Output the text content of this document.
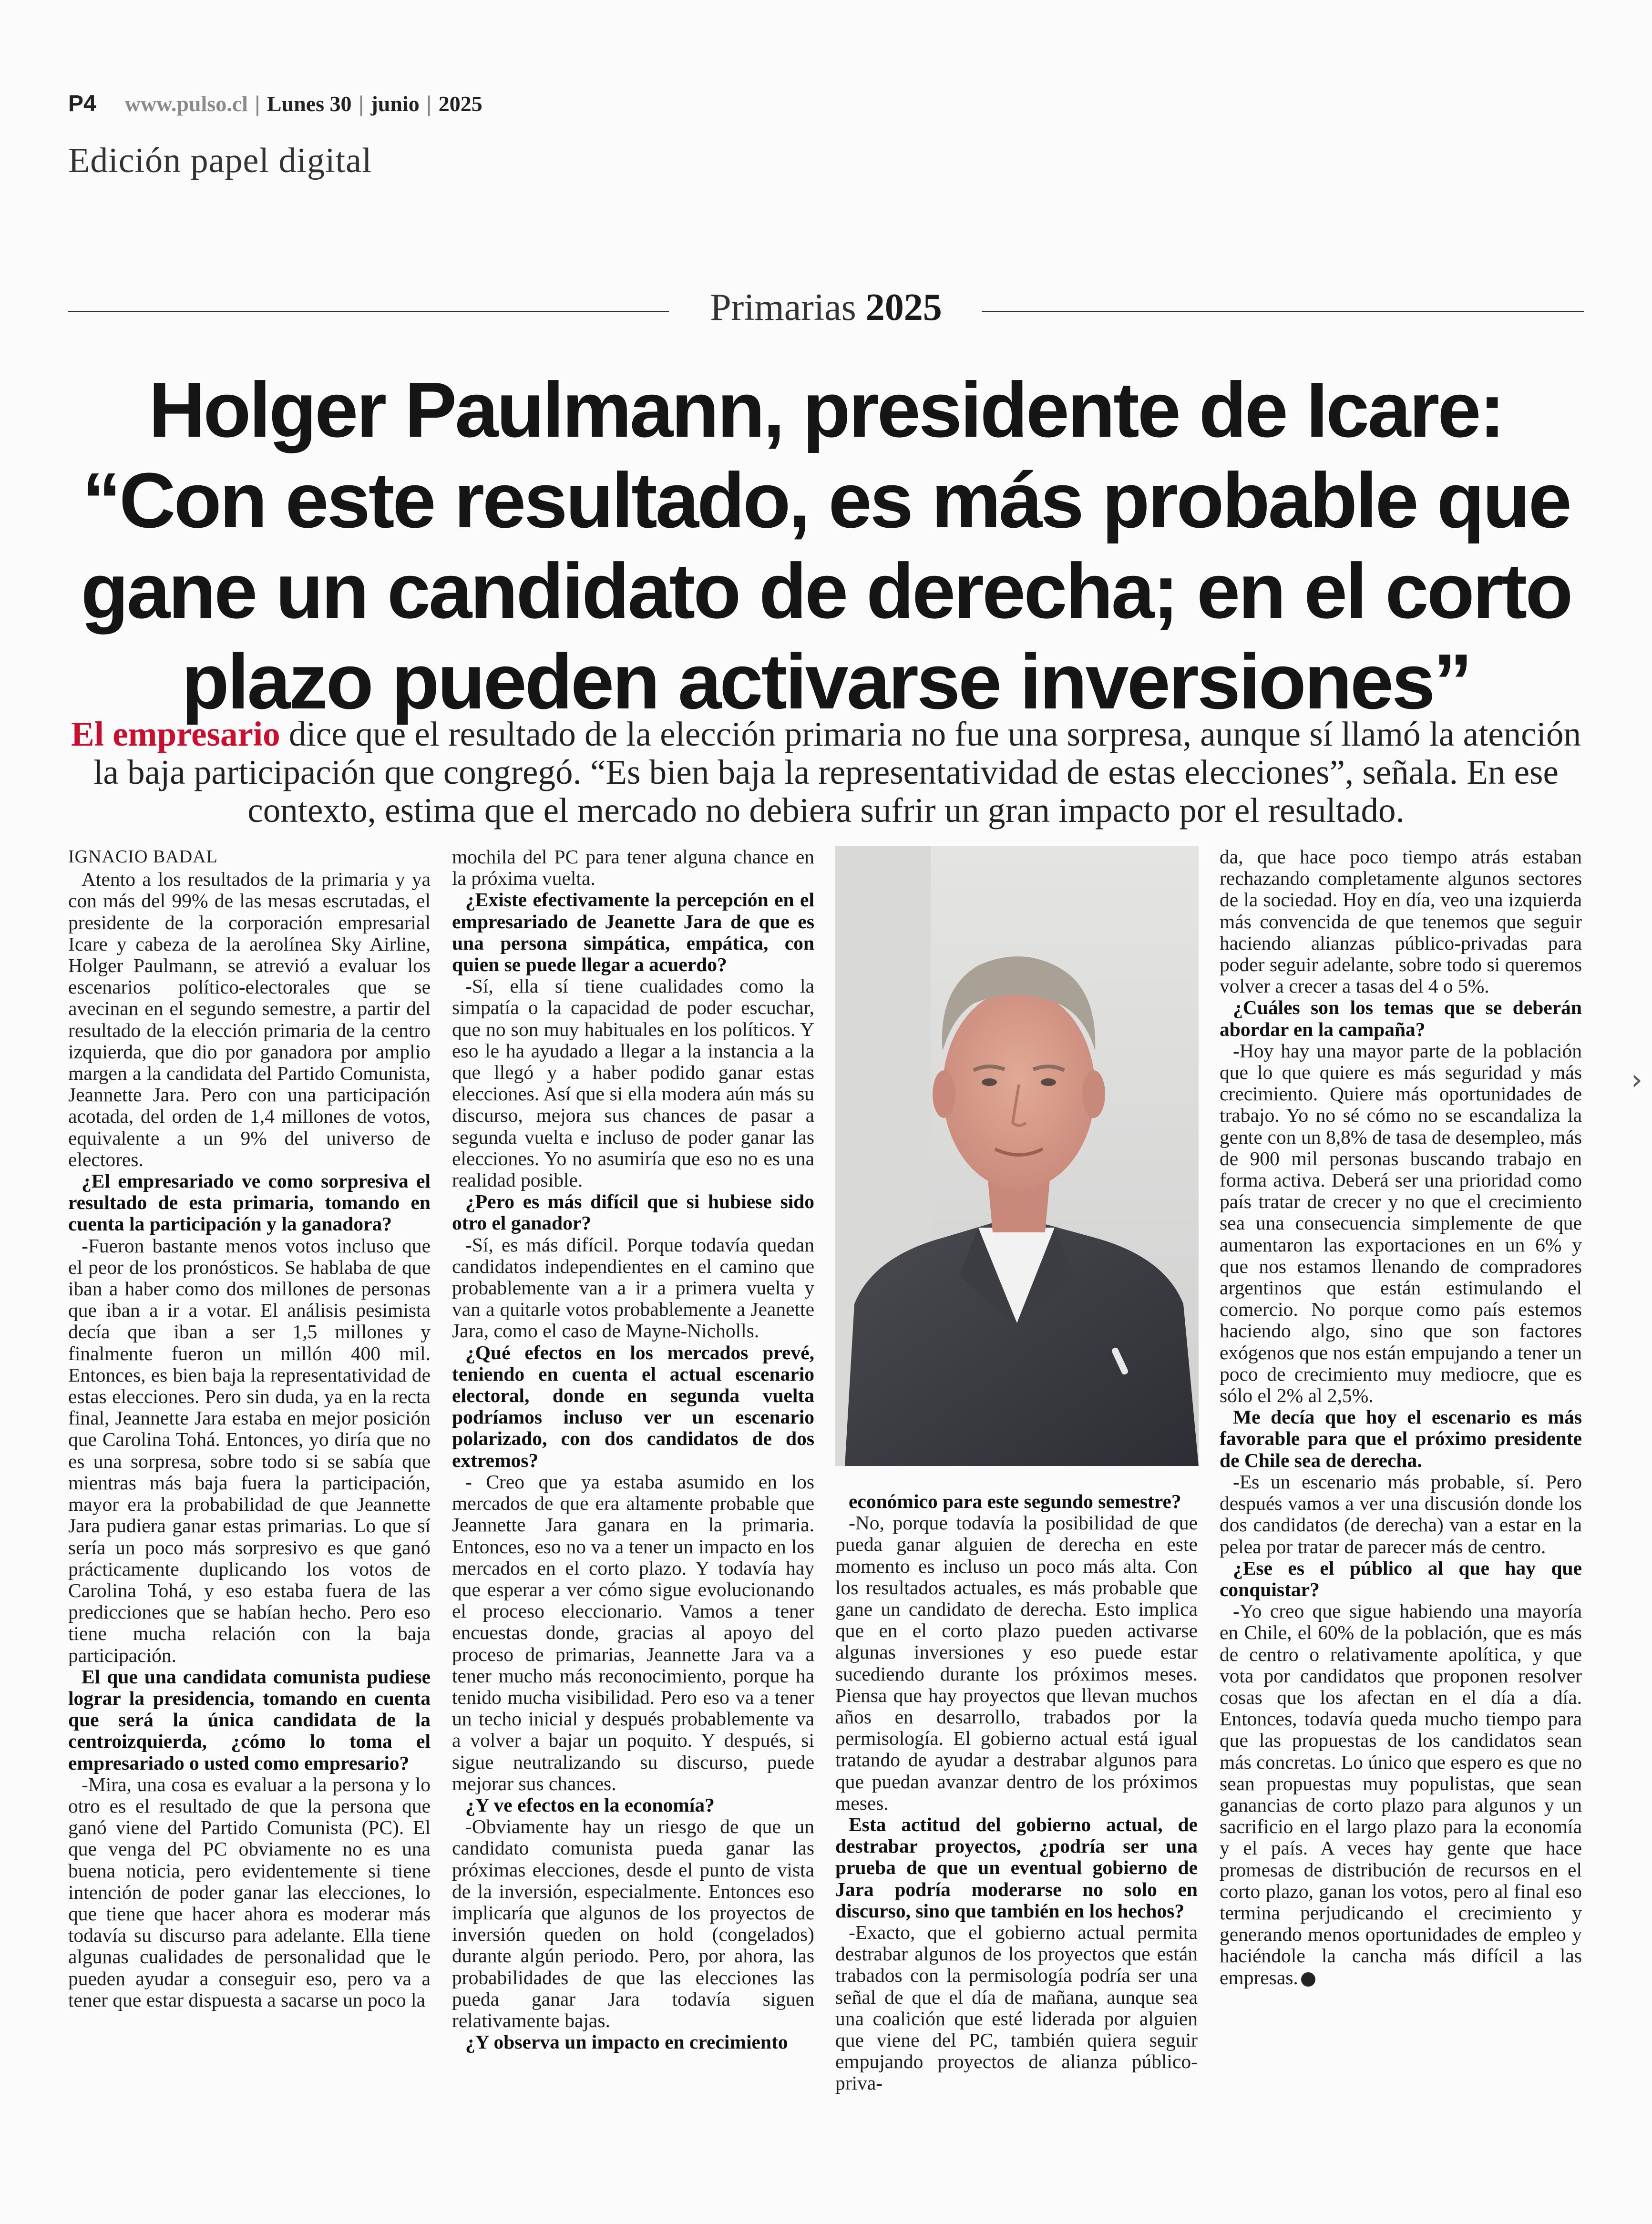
P4 www.pulso.cl | Lunes 30 | junio | 2025
Edición papel digital
Primarias 2025
Holger Paulmann, presidente de Icare: “Con este resultado, es más probable que gane un candidato de derecha; en el corto plazo pueden activarse inversiones”

El empresario dice que el resultado de la elección primaria no fue una sorpresa, aunque sí llamó la atención la baja participación que congregó. “Es bien baja la representatividad de estas elecciones”, señala. En ese contexto, estima que el mercado no debiera sufrir un gran impacto por el resultado.

IGNACIO BADAL

Atento a los resultados de la primaria y ya con más del 99% de las mesas escrutadas, el presidente de la corporación empresarial Icare y cabeza de la aerolínea Sky Airline, Holger Paulmann, se atrevió a evaluar los escenarios político-electorales que se avecinan en el segundo semestre, a partir del resultado de la elección primaria de la centro izquierda, que dio por ganadora por amplio margen a la candidata del Partido Comunista, Jeannette Jara. Pero con una participación acotada, del orden de 1,4 millones de votos, equivalente a un 9% del universo de electores.

¿El empresariado ve como sorpresiva el resultado de esta primaria, tomando en cuenta la participación y la ganadora?

-Fueron bastante menos votos incluso que el peor de los pronósticos. Se hablaba de que iban a haber como dos millones de personas que iban a ir a votar. El análisis pesimista decía que iban a ser 1,5 millones y finalmente fueron un millón 400 mil. Entonces, es bien baja la representatividad de estas elecciones. Pero sin duda, ya en la recta final, Jeannette Jara estaba en mejor posición que Carolina Tohá. Entonces, yo diría que no es una sorpresa, sobre todo si se sabía que mientras más baja fuera la participación, mayor era la probabilidad de que Jeannette Jara pudiera ganar estas primarias. Lo que sí sería un poco más sorpresivo es que ganó prácticamente duplicando los votos de Carolina Tohá, y eso estaba fuera de las predicciones que se habían hecho. Pero eso tiene mucha relación con la baja participación.

El que una candidata comunista pudiese lograr la presidencia, tomando en cuenta que será la única candidata de la centroizquierda, ¿cómo lo toma el empresariado o usted como empresario?

-Mira, una cosa es evaluar a la persona y lo otro es el resultado de que la persona que ganó viene del Partido Comunista (PC). El que venga del PC obviamente no es una buena noticia, pero evidentemente si tiene intención de poder ganar las elecciones, lo que tiene que hacer ahora es moderar más todavía su discurso para adelante. Ella tiene algunas cualidades de personalidad que le pueden ayudar a conseguir eso, pero va a tener que estar dispuesta a sacarse un poco la

mochila del PC para tener alguna chance en la próxima vuelta.

¿Existe efectivamente la percepción en el empresariado de Jeanette Jara de que es una persona simpática, empática, con quien se puede llegar a acuerdo?

-Sí, ella sí tiene cualidades como la simpatía o la capacidad de poder escuchar, que no son muy habituales en los políticos. Y eso le ha ayudado a llegar a la instancia a la que llegó y a haber podido ganar estas elecciones. Así que si ella modera aún más su discurso, mejora sus chances de pasar a segunda vuelta e incluso de poder ganar las elecciones. Yo no asumiría que eso no es una realidad posible.

¿Pero es más difícil que si hubiese sido otro el ganador?

-Sí, es más difícil. Porque todavía quedan candidatos independientes en el camino que probablemente van a ir a primera vuelta y van a quitarle votos probablemente a Jeanette Jara, como el caso de Mayne-Nicholls.

¿Qué efectos en los mercados prevé, teniendo en cuenta el actual escenario electoral, donde en segunda vuelta podríamos incluso ver un escenario polarizado, con dos candidatos de dos extremos?

- Creo que ya estaba asumido en los mercados de que era altamente probable que Jeannette Jara ganara en la primaria. Entonces, eso no va a tener un impacto en los mercados en el corto plazo. Y todavía hay que esperar a ver cómo sigue evolucionando el proceso eleccionario. Vamos a tener encuestas donde, gracias al apoyo del proceso de primarias, Jeannette Jara va a tener mucho más reconocimiento, porque ha tenido mucha visibilidad. Pero eso va a tener un techo inicial y después probablemente va a volver a bajar un poquito. Y después, si sigue neutralizando su discurso, puede mejorar sus chances.

¿Y ve efectos en la economía?

-Obviamente hay un riesgo de que un candidato comunista pueda ganar las próximas elecciones, desde el punto de vista de la inversión, especialmente. Entonces eso implicaría que algunos de los proyectos de inversión queden on hold (congelados) durante algún periodo. Pero, por ahora, las probabilidades de que las elecciones las pueda ganar Jara todavía siguen relativamente bajas.

¿Y observa un impacto en crecimiento

económico para este segundo semestre?

-No, porque todavía la posibilidad de que pueda ganar alguien de derecha en este momento es incluso un poco más alta. Con los resultados actuales, es más probable que gane un candidato de derecha. Esto implica que en el corto plazo pueden activarse algunas inversiones y eso puede estar sucediendo durante los próximos meses. Piensa que hay proyectos que llevan muchos años en desarrollo, trabados por la permisología. El gobierno actual está igual tratando de ayudar a destrabar algunos para que puedan avanzar dentro de los próximos meses.

Esta actitud del gobierno actual, de destrabar proyectos, ¿podría ser una prueba de que un eventual gobierno de Jara podría moderarse no solo en discurso, sino que también en los hechos?

-Exacto, que el gobierno actual permita destrabar algunos de los proyectos que están trabados con la permisología podría ser una señal de que el día de mañana, aunque sea una coalición que esté liderada por alguien que viene del PC, también quiera seguir empujando proyectos de alianza público-priva-

da, que hace poco tiempo atrás estaban rechazando completamente algunos sectores de la sociedad. Hoy en día, veo una izquierda más convencida de que tenemos que seguir haciendo alianzas público-privadas para poder seguir adelante, sobre todo si queremos volver a crecer a tasas del 4 o 5%.

¿Cuáles son los temas que se deberán abordar en la campaña?

-Hoy hay una mayor parte de la población que lo que quiere es más seguridad y más crecimiento. Quiere más oportunidades de trabajo. Yo no sé cómo no se escandaliza la gente con un 8,8% de tasa de desempleo, más de 900 mil personas buscando trabajo en forma activa. Deberá ser una prioridad como país tratar de crecer y no que el crecimiento sea una consecuencia simplemente de que aumentaron las exportaciones en un 6% y que nos estamos llenando de compradores argentinos que están estimulando el comercio. No porque como país estemos haciendo algo, sino que son factores exógenos que nos están empujando a tener un poco de crecimiento muy mediocre, que es sólo el 2% al 2,5%.

Me decía que hoy el escenario es más favorable para que el próximo presidente de Chile sea de derecha.

-Es un escenario más probable, sí. Pero después vamos a ver una discusión donde los dos candidatos (de derecha) van a estar en la pelea por tratar de parecer más de centro.

¿Ese es el público al que hay que conquistar?

-Yo creo que sigue habiendo una mayoría en Chile, el 60% de la población, que es más de centro o relativamente apolítica, y que vota por candidatos que proponen resolver cosas que los afectan en el día a día. Entonces, todavía queda mucho tiempo para que las propuestas de los candidatos sean más concretas. Lo único que espero es que no sean propuestas muy populistas, que sean ganancias de corto plazo para algunos y un sacrificio en el largo plazo para la economía y el país. A veces hay gente que hace promesas de distribución de recursos en el corto plazo, ganan los votos, pero al final eso termina perjudicando el crecimiento y generando menos oportunidades de empleo y haciéndole la cancha más difícil a las empresas.

›
